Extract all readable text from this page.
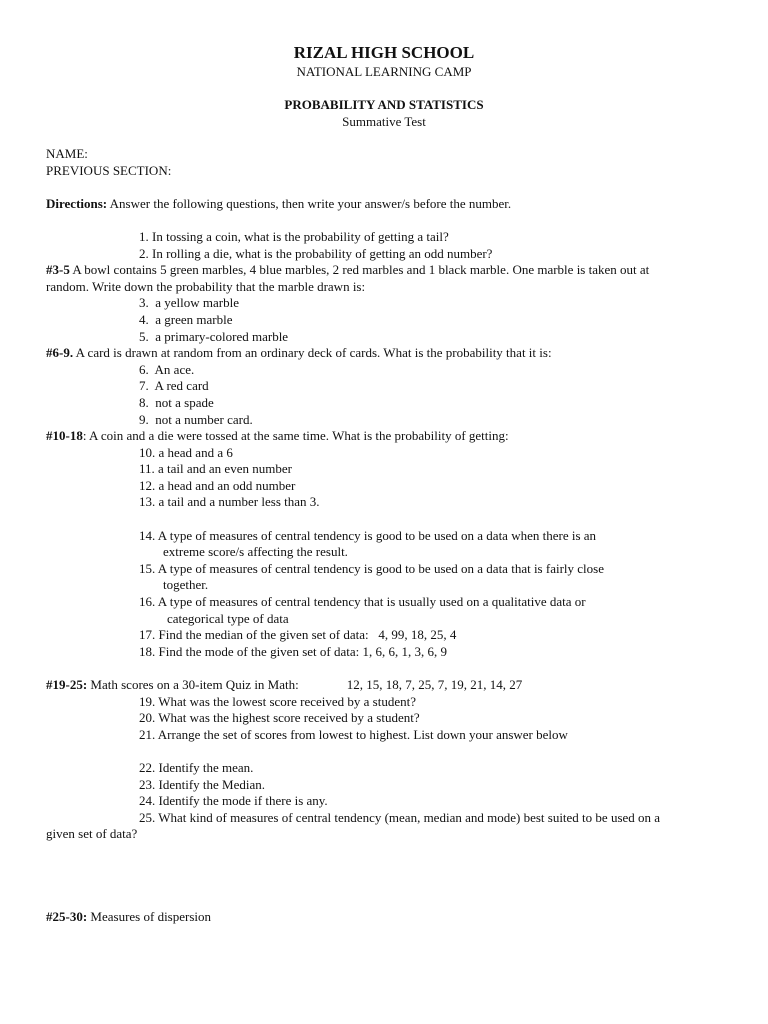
RIZAL HIGH SCHOOL
NATIONAL LEARNING CAMP
PROBABILITY AND STATISTICS
Summative Test
NAME:
PREVIOUS SECTION:
Directions: Answer the following questions, then write your answer/s before the number.
1. In tossing a coin, what is the probability of getting a tail?
2. In rolling a die, what is the probability of getting an odd number?
#3-5 A bowl contains 5 green marbles, 4 blue marbles, 2 red marbles and 1 black marble. One marble is taken out at
random. Write down the probability that the marble drawn is:
3.  a yellow marble
4.  a green marble
5.  a primary-colored marble
#6-9. A card is drawn at random from an ordinary deck of cards. What is the probability that it is:
6.  An ace.
7.  A red card
8.  not a spade
9.  not a number card.
#10-18: A coin and a die were tossed at the same time. What is the probability of getting:
10. a head and a 6
11. a tail and an even number
12. a head and an odd number
13. a tail and a number less than 3.
14. A type of measures of central tendency is good to be used on a data when there is an
extreme score/s affecting the result.
15. A type of measures of central tendency is good to be used on a data that is fairly close
together.
16. A type of measures of central tendency that is usually used on a qualitative data or
categorical type of data
17. Find the median of the given set of data:   4, 99, 18, 25, 4
18. Find the mode of the given set of data: 1, 6, 6, 1, 3, 6, 9
#19-25: Math scores on a 30-item Quiz in Math:	12, 15, 18, 7, 25, 7, 19, 21, 14, 27
19. What was the lowest score received by a student?
20. What was the highest score received by a student?
21. Arrange the set of scores from lowest to highest. List down your answer below
22. Identify the mean.
23. Identify the Median.
24. Identify the mode if there is any.
25. What kind of measures of central tendency (mean, median and mode) best suited to be used on a
given set of data?
#25-30: Measures of dispersion
